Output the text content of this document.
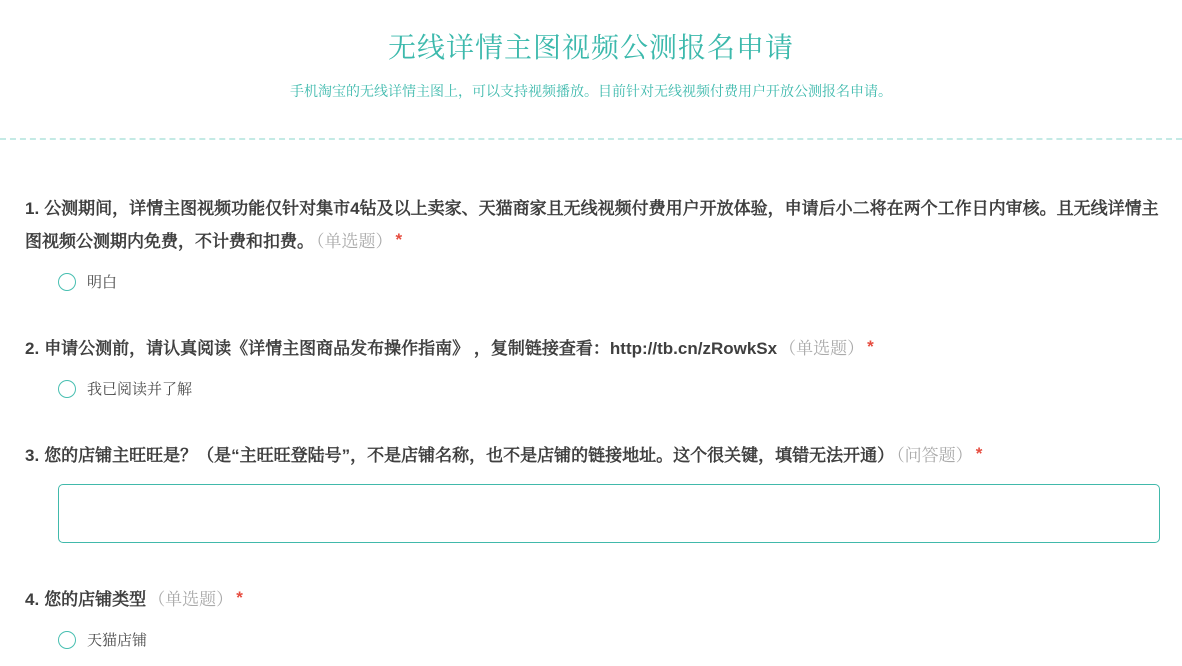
无线详情主图视频公测报名申请

手机淘宝的无线详情主图上，可以支持视频播放。目前针对无线视频付费用户开放公测报名申请。

1. 公测期间，详情主图视频功能仅针对集市4钻及以上卖家、天猫商家且无线视频付费用户开放体验，申请后小二将在两个工作日内审核。且无线详情主图视频公测期内免费，不计费和扣费。 （单选题） *

明白

2. 申请公测前，请认真阅读《详情主图商品发布操作指南》 ，复制链接查看：http://tb.cn/zRowkSx （单选题） *

我已阅读并了解

3. 您的店铺主旺旺是？（是“主旺旺登陆号”，不是店铺名称，也不是店铺的链接地址。这个很关键，填错无法开通） （问答题） *

4. 您的店铺类型 （单选题） *

天猫店铺
